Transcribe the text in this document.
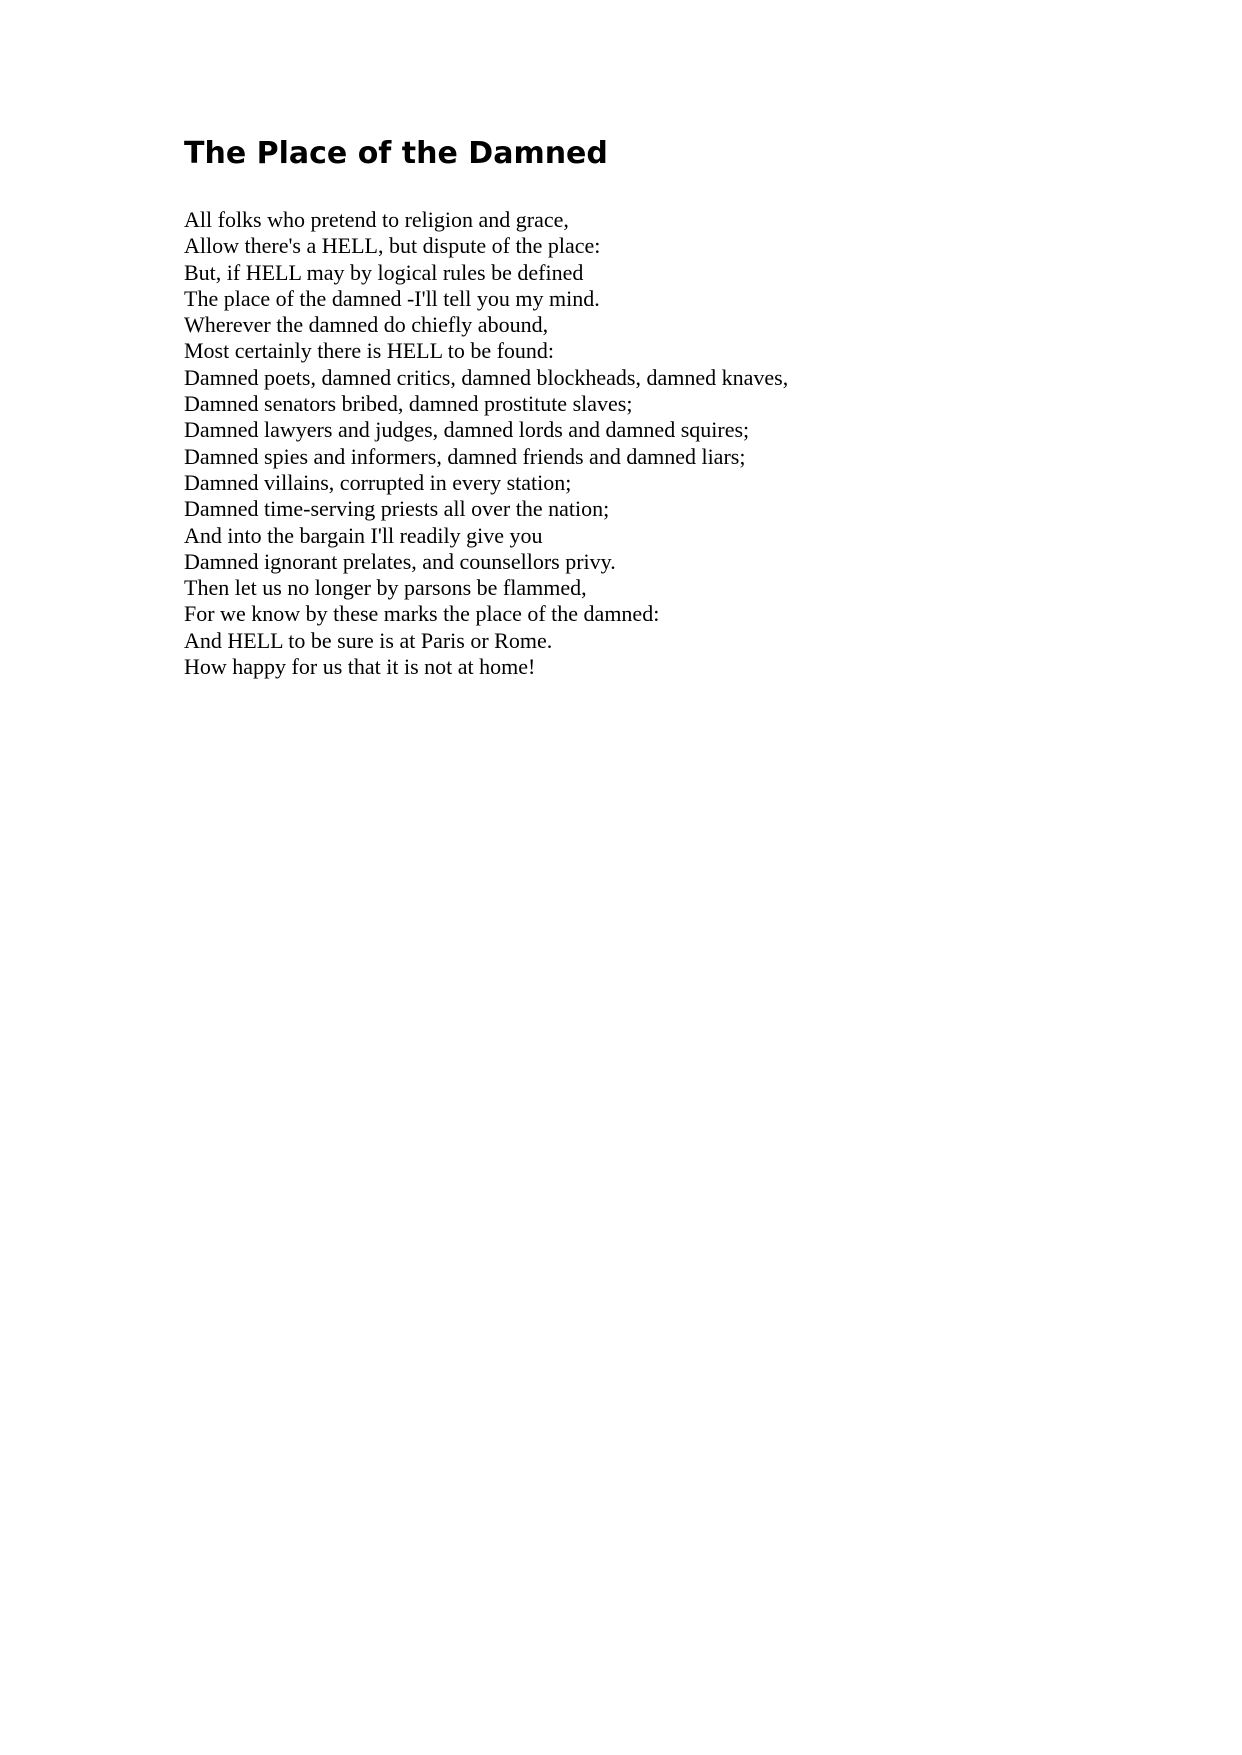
The Place of the Damned
All folks who pretend to religion and grace,
Allow there's a HELL, but dispute of the place:
But, if HELL may by logical rules be defined
The place of the damned -I'll tell you my mind.
Wherever the damned do chiefly abound,
Most certainly there is HELL to be found:
Damned poets, damned critics, damned blockheads, damned knaves,
Damned senators bribed, damned prostitute slaves;
Damned lawyers and judges, damned lords and damned squires;
Damned spies and informers, damned friends and damned liars;
Damned villains, corrupted in every station;
Damned time-serving priests all over the nation;
And into the bargain I'll readily give you
Damned ignorant prelates, and counsellors privy.
Then let us no longer by parsons be flammed,
For we know by these marks the place of the damned:
And HELL to be sure is at Paris or Rome.
How happy for us that it is not at home!
